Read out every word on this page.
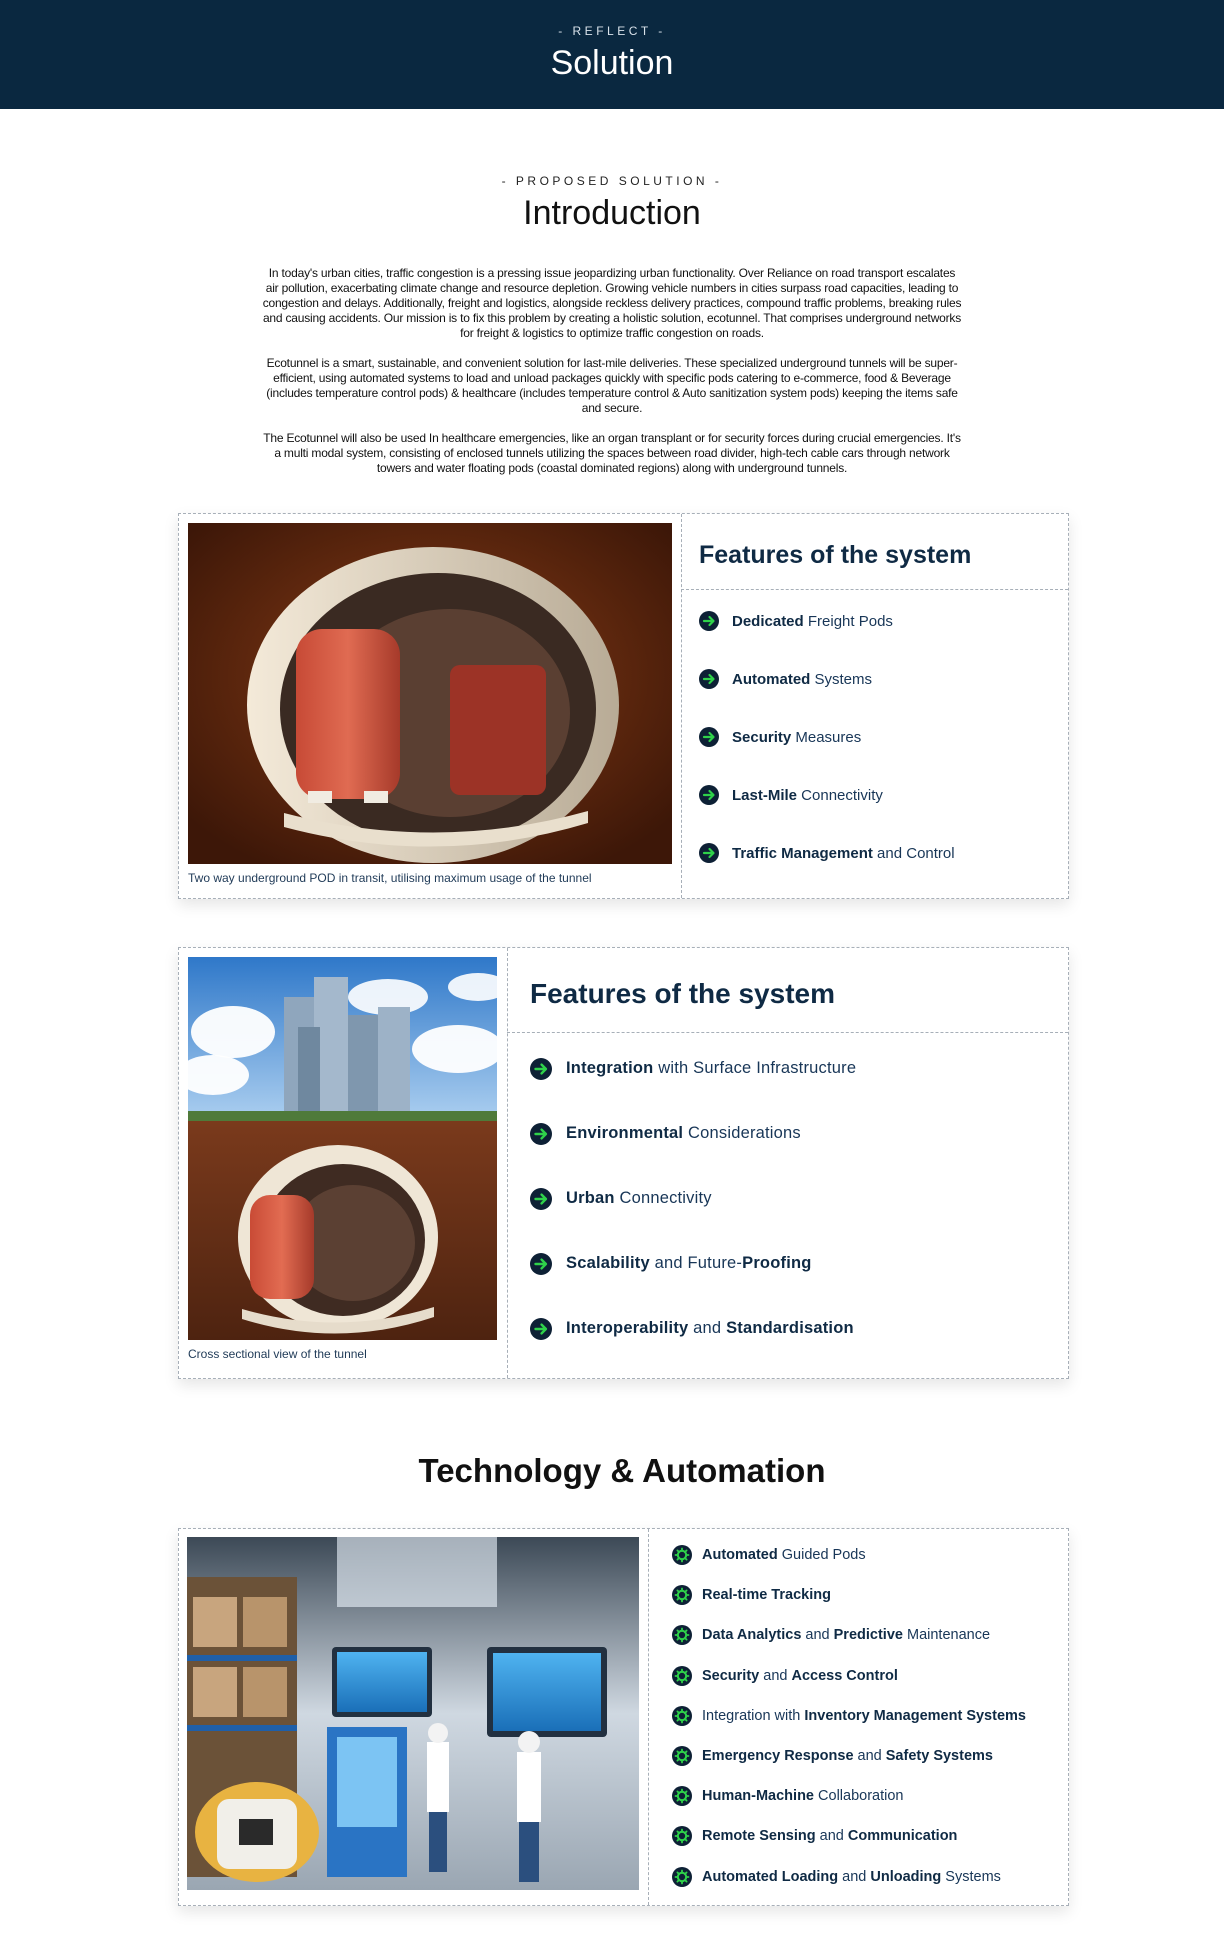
- REFLECT -
Solution
- PROPOSED SOLUTION -
Introduction

In today's urban cities, traffic congestion is a pressing issue jeopardizing urban functionality. Over Reliance on road transport escalates air pollution, exacerbating climate change and resource depletion. Growing vehicle numbers in cities surpass road capacities, leading to congestion and delays. Additionally, freight and logistics, alongside reckless delivery practices, compound traffic problems, breaking rules and causing accidents. Our mission is to fix this problem by creating a holistic solution, ecotunnel. That comprises underground networks for freight & logistics to optimize traffic congestion on roads.

Ecotunnel is a smart, sustainable, and convenient solution for last-mile deliveries. These specialized underground tunnels will be super-efficient, using automated systems to load and unload packages quickly with specific pods catering to e-commerce, food & Beverage (includes temperature control pods) & healthcare (includes temperature control & Auto sanitization system pods) keeping the items safe and secure.

The Ecotunnel will also be used In healthcare emergencies, like an organ transplant or for security forces during crucial emergencies. It's a multi modal system, consisting of enclosed tunnels utilizing the spaces between road divider, high-tech cable cars through network towers and water floating pods (coastal dominated regions) along with underground tunnels.

Two way underground POD in transit, utilising maximum usage of the tunnel
Features of the system
Dedicated Freight Pods
Automated Systems
Security Measures
Last-Mile Connectivity
Traffic Management and Control
Cross sectional view of the tunnel
Features of the system
Integration with Surface Infrastructure
Environmental Considerations
Urban Connectivity
Scalability and Future-Proofing
Interoperability and Standardisation
Technology & Automation
Automated Guided Pods
Real-time Tracking
Data Analytics and Predictive Maintenance
Security and Access Control
Integration with Inventory Management Systems
Emergency Response and Safety Systems
Human-Machine Collaboration
Remote Sensing and Communication
Automated Loading and Unloading Systems
